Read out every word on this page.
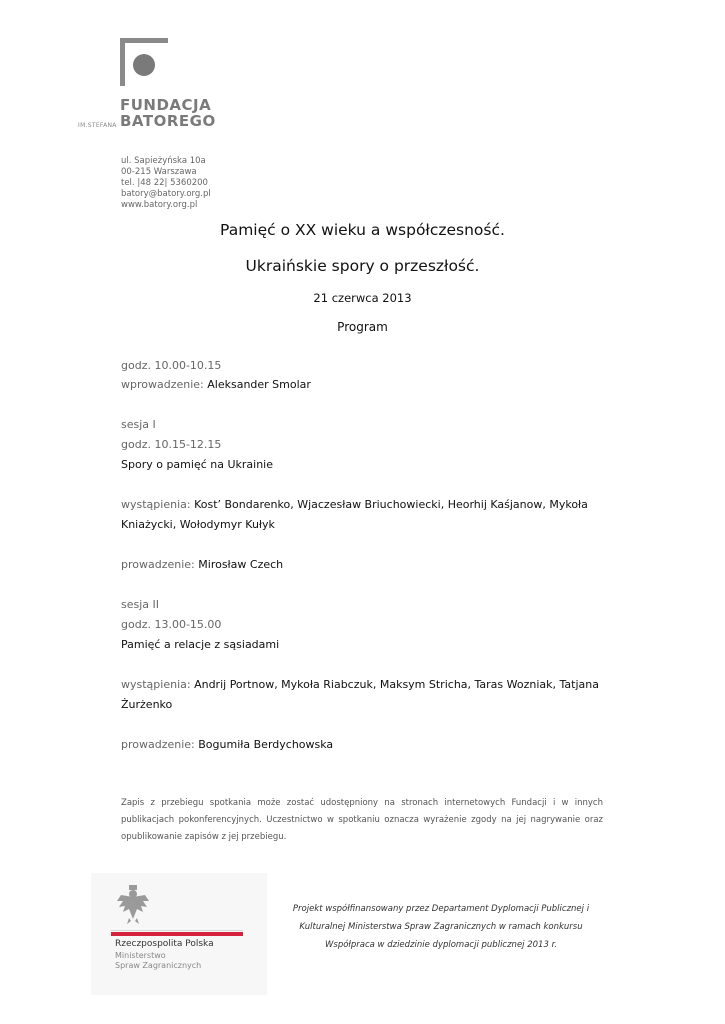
IM.STEFANA
FUNDACJA
BATOREGO
ul. Sapieżyńska 10a
00-215 Warszawa
tel. |48 22| 5360200
batory@batory.org.pl
www.batory.org.pl
Pamięć o XX wieku a współczesność.
Ukraińskie spory o przeszłość.
21 czerwca 2013
Program
godz. 10.00-10.15
wprowadzenie: Aleksander Smolar
sesja I
godz. 10.15-12.15
Spory o pamięć na Ukrainie
wystąpienia: Kost’ Bondarenko, Wjaczesław Briuchowiecki, Heorhij Kaśjanow, Mykoła
Kniażycki, Wołodymyr Kułyk
prowadzenie: Mirosław Czech
sesja II
godz. 13.00-15.00
Pamięć a relacje z sąsiadami
wystąpienia: Andrij Portnow, Mykoła Riabczuk, Maksym Stricha, Taras Wozniak, Tatjana
Żurżenko
prowadzenie: Bogumiła Berdychowska
Zapis z przebiegu spotkania może zostać udostępniony na stronach internetowych Fundacji i w innych publikacjach pokonferencyjnych. Uczestnictwo w spotkaniu oznacza wyrażenie zgody na jej nagrywanie oraz opublikowanie zapisów z jej przebiegu.
Rzeczpospolita Polska
Ministerstwo
Spraw Zagranicznych
Projekt współfinansowany przez Departament Dyplomacji Publicznej i
Kulturalnej Ministerstwa Spraw Zagranicznych w ramach konkursu
Współpraca w dziedzinie dyplomacji publicznej 2013 r.
